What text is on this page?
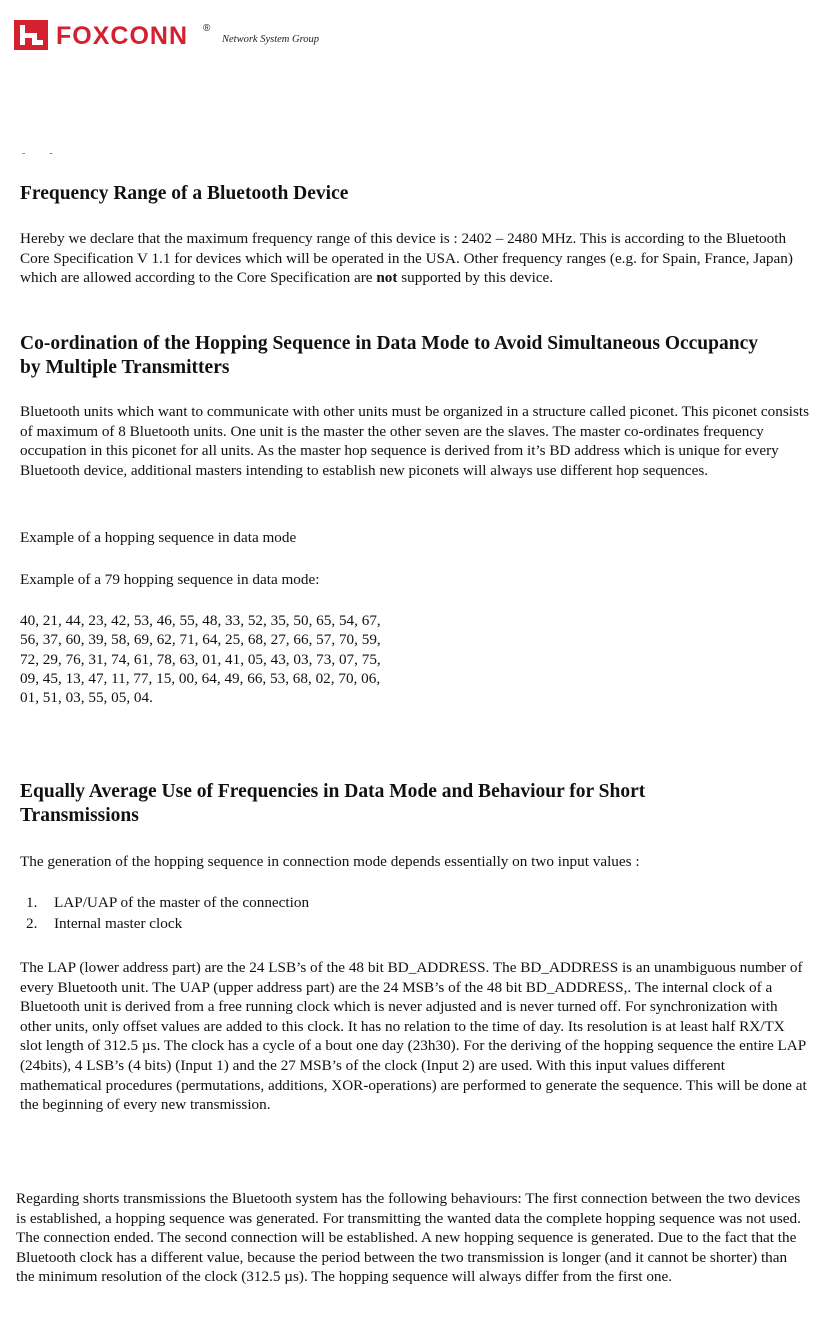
FOXCONN ®
Network System Group
‐‐
Frequency Range of a Bluetooth Device

Hereby we declare that the maximum frequency range of this device is : 2402 – 2480 MHz. This is according to the Bluetooth Core Specification V 1.1 for devices which will be operated in the USA. Other frequency ranges (e.g. for Spain, France, Japan) which are allowed according to the Core Specification are not supported by this device.

Co-ordination of the Hopping Sequence in Data Mode to Avoid Simultaneous Occupancy by Multiple Transmitters

Bluetooth units which want to communicate with other units must be organized in a structure called piconet. This piconet consists of maximum of 8 Bluetooth units. One unit is the master the other seven are the slaves. The master co-ordinates frequency occupation in this piconet for all units. As the master hop sequence is derived from it’s BD address which is unique for every Bluetooth device, additional masters intending to establish new piconets will always use different hop sequences.

Example of a hopping sequence in data mode

Example of a 79 hopping sequence in data mode:

40, 21, 44, 23, 42, 53, 46, 55, 48, 33, 52, 35, 50, 65, 54, 67,
56, 37, 60, 39, 58, 69, 62, 71, 64, 25, 68, 27, 66, 57, 70, 59,
72, 29, 76, 31, 74, 61, 78, 63, 01, 41, 05, 43, 03, 73, 07, 75,
09, 45, 13, 47, 11, 77, 15, 00, 64, 49, 66, 53, 68, 02, 70, 06,
01, 51, 03, 55, 05, 04.

Equally Average Use of Frequencies in Data Mode and Behaviour for Short Transmissions

The generation of the hopping sequence in connection mode depends essentially on two input values :

1. LAP/UAP of the master of the connection
2. Internal master clock

The LAP (lower address part) are the 24 LSB’s of the 48 bit BD_ADDRESS. The BD_ADDRESS is an unambiguous number of every Bluetooth unit. The UAP (upper address part) are the 24 MSB’s of the 48 bit BD_ADDRESS,. The internal clock of a Bluetooth unit is derived from a free running clock which is never adjusted and is never turned off. For synchronization with other units, only offset values are added to this clock. It has no relation to the time of day. Its resolution is at least half RX/TX slot length of 312.5 µs. The clock has a cycle of a bout one day (23h30). For the deriving of the hopping sequence the entire LAP (24bits), 4 LSB’s (4 bits) (Input 1) and the 27 MSB’s of the clock (Input 2) are used. With this input values different mathematical procedures (permutations, additions, XOR-operations) are performed to generate the sequence. This will be done at the beginning of every new transmission.

Regarding shorts transmissions the Bluetooth system has the following behaviours: The first connection between the two devices is established, a hopping sequence was generated. For transmitting the wanted data the complete hopping sequence was not used. The connection ended. The second connection will be established. A new hopping sequence is generated. Due to the fact that the Bluetooth clock has a different value, because the period between the two transmission is longer (and it cannot be shorter) than the minimum resolution of the clock (312.5 µs). The hopping sequence will always differ from the first one.
